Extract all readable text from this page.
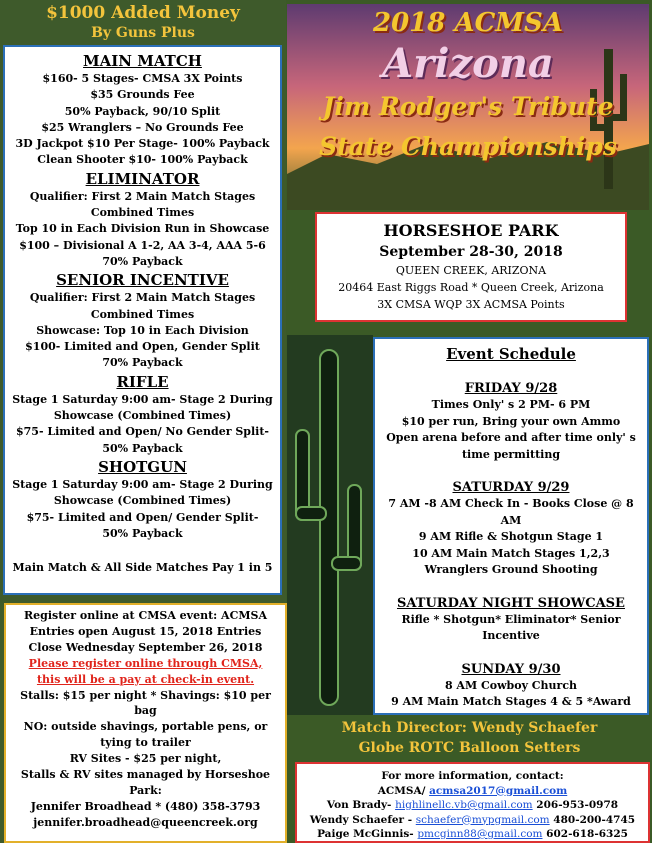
$1000 Added Money
By Guns Plus
MAIN MATCH
$160- 5 Stages- CMSA 3X Points
$35 Grounds Fee
50% Payback, 90/10 Split
$25 Wranglers – No Grounds Fee
3D Jackpot $10 Per Stage- 100% Payback
Clean Shooter $10- 100% Payback
ELIMINATOR
Qualifier: First 2 Main Match Stages
Combined Times
Top 10 in Each Division Run in Showcase
$100 – Divisional A 1-2, AA 3-4, AAA 5-6
70% Payback
SENIOR INCENTIVE
Qualifier: First 2 Main Match Stages
Combined Times
Showcase: Top 10 in Each Division
$100- Limited and Open, Gender Split
70% Payback
RIFLE
Stage 1 Saturday 9:00 am- Stage 2 During
Showcase (Combined Times)
$75- Limited and Open/ No Gender Split-
50% Payback
SHOTGUN
Stage 1 Saturday 9:00 am- Stage 2 During
Showcase (Combined Times)
$75- Limited and Open/ Gender Split-
50% Payback
Main Match & All Side Matches Pay 1 in 5
Register online at CMSA event: ACMSA
Entries open August 15, 2018 Entries
Close Wednesday September 26, 2018
Please register online through CMSA,
this will be a pay at check-in event.
Stalls: $15 per night * Shavings: $10 per
bag
NO: outside shavings, portable pens, or
tying to trailer
RV Sites - $25 per night,
Stalls & RV sites managed by Horseshoe
Park:
Jennifer Broadhead * (480) 358-3793
jennifer.broadhead@queencreek.org
2018 ACMSA
Arizona
Jim Rodger's Tribute
State Championships
HORSESHOE PARK
September 28-30, 2018
QUEEN CREEK, ARIZONA
20464 East Riggs Road * Queen Creek, Arizona
3X CMSA WQP 3X ACMSA Points
Event Schedule
FRIDAY 9/28
Times Only' s 2 PM- 6 PM
$10 per run, Bring your own Ammo
Open arena before and after time only' s
time permitting
SATURDAY 9/29
7 AM -8 AM Check In - Books Close @ 8
AM
9 AM Rifle & Shotgun Stage 1
10 AM Main Match Stages 1,2,3
Wranglers Ground Shooting
SATURDAY NIGHT SHOWCASE
Rifle * Shotgun* Eliminator* Senior
Incentive
SUNDAY 9/30
8 AM Cowboy Church
9 AM Main Match Stages 4 & 5 *Award
Match Director: Wendy Schaefer
Globe ROTC Balloon Setters
For more information, contact:
ACMSA/ acmsa2017@gmail.com
Von Brady- highlinellc.vb@gmail.com 206-953-0978
Wendy Schaefer - schaefer@mypgmail.com 480-200-4745
Paige McGinnis- pmcginn88@gmail.com 602-618-6325
